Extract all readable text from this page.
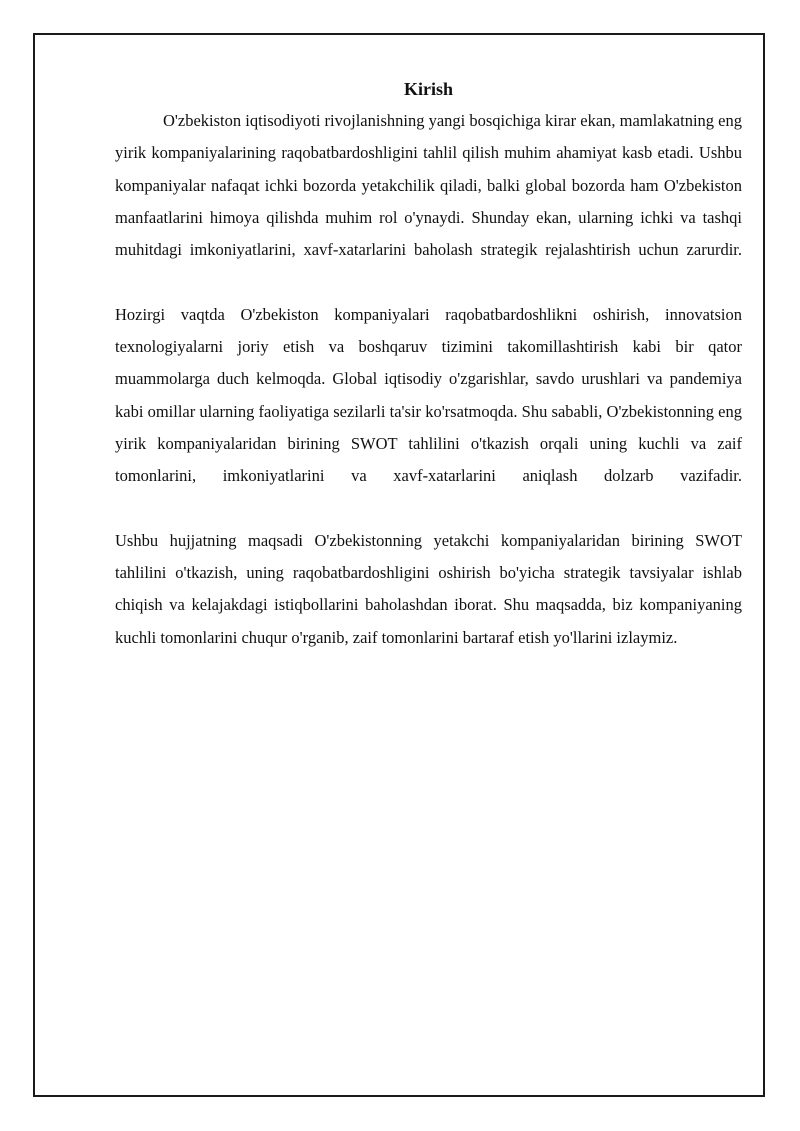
Kirish

O'zbekiston iqtisodiyoti rivojlanishning yangi bosqichiga kirar ekan, mamlakatning eng yirik kompaniyalarining raqobatbardoshligini tahlil qilish muhim ahamiyat kasb etadi. Ushbu kompaniyalar nafaqat ichki bozorda yetakchilik qiladi, balki global bozorda ham O'zbekiston manfaatlarini himoya qilishda muhim rol o'ynaydi. Shunday ekan, ularning ichki va tashqi muhitdagi imkoniyatlarini, xavf-xatarlarini baholash strategik rejalashtirish uchun zarurdir.

Hozirgi vaqtda O'zbekiston kompaniyalari raqobatbardoshlikni oshirish, innovatsion texnologiyalarni joriy etish va boshqaruv tizimini takomillashtirish kabi bir qator muammolarga duch kelmoqda. Global iqtisodiy o'zgarishlar, savdo urushlari va pandemiya kabi omillar ularning faoliyatiga sezilarli ta'sir ko'rsatmoqda. Shu sababli, O'zbekistonning eng yirik kompaniyalaridan birining SWOT tahlilini o'tkazish orqali uning kuchli va zaif tomonlarini, imkoniyatlarini va xavf-xatarlarini aniqlash dolzarb vazifadir.

Ushbu hujjatning maqsadi O'zbekistonning yetakchi kompaniyalaridan birining SWOT tahlilini o'tkazish, uning raqobatbardoshligini oshirish bo'yicha strategik tavsiyalar ishlab chiqish va kelajakdagi istiqbollarini baholashdan iborat. Shu maqsadda, biz kompaniyaning kuchli tomonlarini chuqur o'rganib, zaif tomonlarini bartaraf etish yo'llarini izlaymiz.
